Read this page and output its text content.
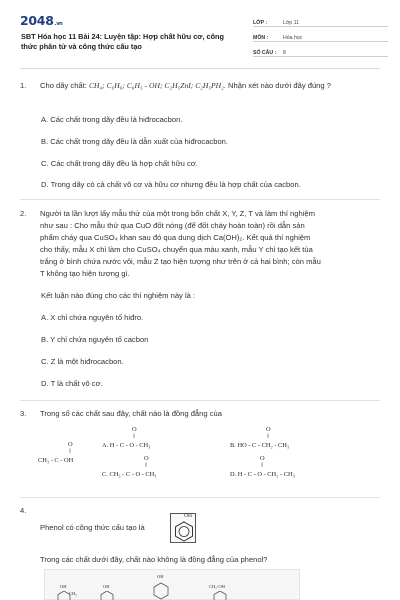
2048.vn
SBT Hóa học 11 Bài 24: Luyện tập: Hợp chất hữu cơ, công thức phân tử và công thức cấu tạo
LỚP :	Lớp 11
MÔN :	Hóa học
SỐ CÂU :	8
1. Cho dãy chất: CH₄; C₆H₆; C₆H₅ - OH; C₂H₅ZnI; C₂H₅PH₂. Nhận xét nào dưới đây đúng ?
A. Các chất trong dãy đều là hiđrocacbon.
B. Các chất trong dãy đều là dẫn xuất của hiđrocacbon.
C. Các chất trong dãy đều là hợp chất hữu cơ.
D. Trong dãy có cả chất vô cơ và hữu cơ nhưng đều là hợp chất của cacbon.
2. Người ta lần lượt lấy mẫu thử của một trong bốn chất X, Y, Z, T và làm thí nghiệm
như sau : Cho mẫu thử qua CuO đốt nóng (để đốt cháy hoàn toàn) rồi dẫn sản
phẩm cháy qua CuSO₄ khan sau đó qua dung dịch Ca(OH)₂. Kết quả thí nghiệm
cho thấy, mẫu X chỉ làm cho CuSO₄ chuyển qua màu xanh, mẫu Y chỉ tạo kết tủa
trắng ở bình chứa nước vôi, mẫu Z tạo hiện tượng như trên ở cả hai bình; còn mẫu
T không tạo hiện tượng gì.
Kết luận nào đúng cho các thí nghiệm này là :
A. X chỉ chứa nguyên tố hiđro.
B. Y chỉ chứa nguyên tố cacbon
C. Z là một hiđrocacbon.
D. T là chất vô cơ.
3. Trong số các chất sau đây, chất nào là đồng đẳng của
O
||
CH₃ - C - OH
O
||
A. H - C - O - CH₃
O
||
B. HO - C - CH₂ - CH₃
O
||
C. CH₃ - C - O - CH₃
O
||
D. H - C - O - CH₂ - CH₃
4.
Phenol có công thức cấu tạo là
Trong các chất dưới đây, chất nào không là đồng đẳng của phenol?
OH
OH
CH₃
OH
OH
CH₂-OH
